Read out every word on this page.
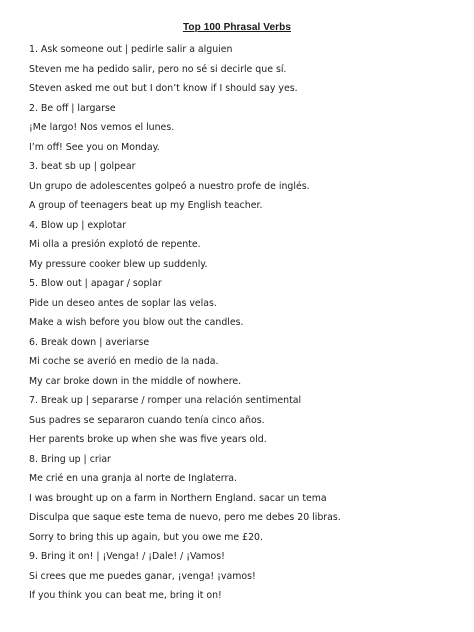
Top 100 Phrasal Verbs
1. Ask someone out | pedirle salir a alguien
Steven me ha pedido salir, pero no sé si decirle que sí.
Steven asked me out but I don’t know if I should say yes.
2. Be off | largarse
¡Me largo! Nos vemos el lunes.
I’m off! See you on Monday.
3. beat sb up | golpear
Un grupo de adolescentes golpeó a nuestro profe de inglés.
A group of teenagers beat up my English teacher.
4. Blow up | explotar
Mi olla a presión explotó de repente.
My pressure cooker blew up suddenly.
5. Blow out | apagar / soplar
Pide un deseo antes de soplar las velas.
Make a wish before you blow out the candles.
6. Break down | averiarse
Mi coche se averió en medio de la nada.
My car broke down in the middle of nowhere.
7. Break up | separarse / romper una relación sentimental
Sus padres se separaron cuando tenía cinco años.
Her parents broke up when she was five years old.
8. Bring up | criar
Me crié en una granja al norte de Inglaterra.
I was brought up on a farm in Northern England. sacar un tema
Disculpa que saque este tema de nuevo, pero me debes 20 libras.
Sorry to bring this up again, but you owe me £20.
9. Bring it on! | ¡Venga! / ¡Dale! / ¡Vamos!
Si crees que me puedes ganar, ¡venga! ¡vamos!
If you think you can beat me, bring it on!
